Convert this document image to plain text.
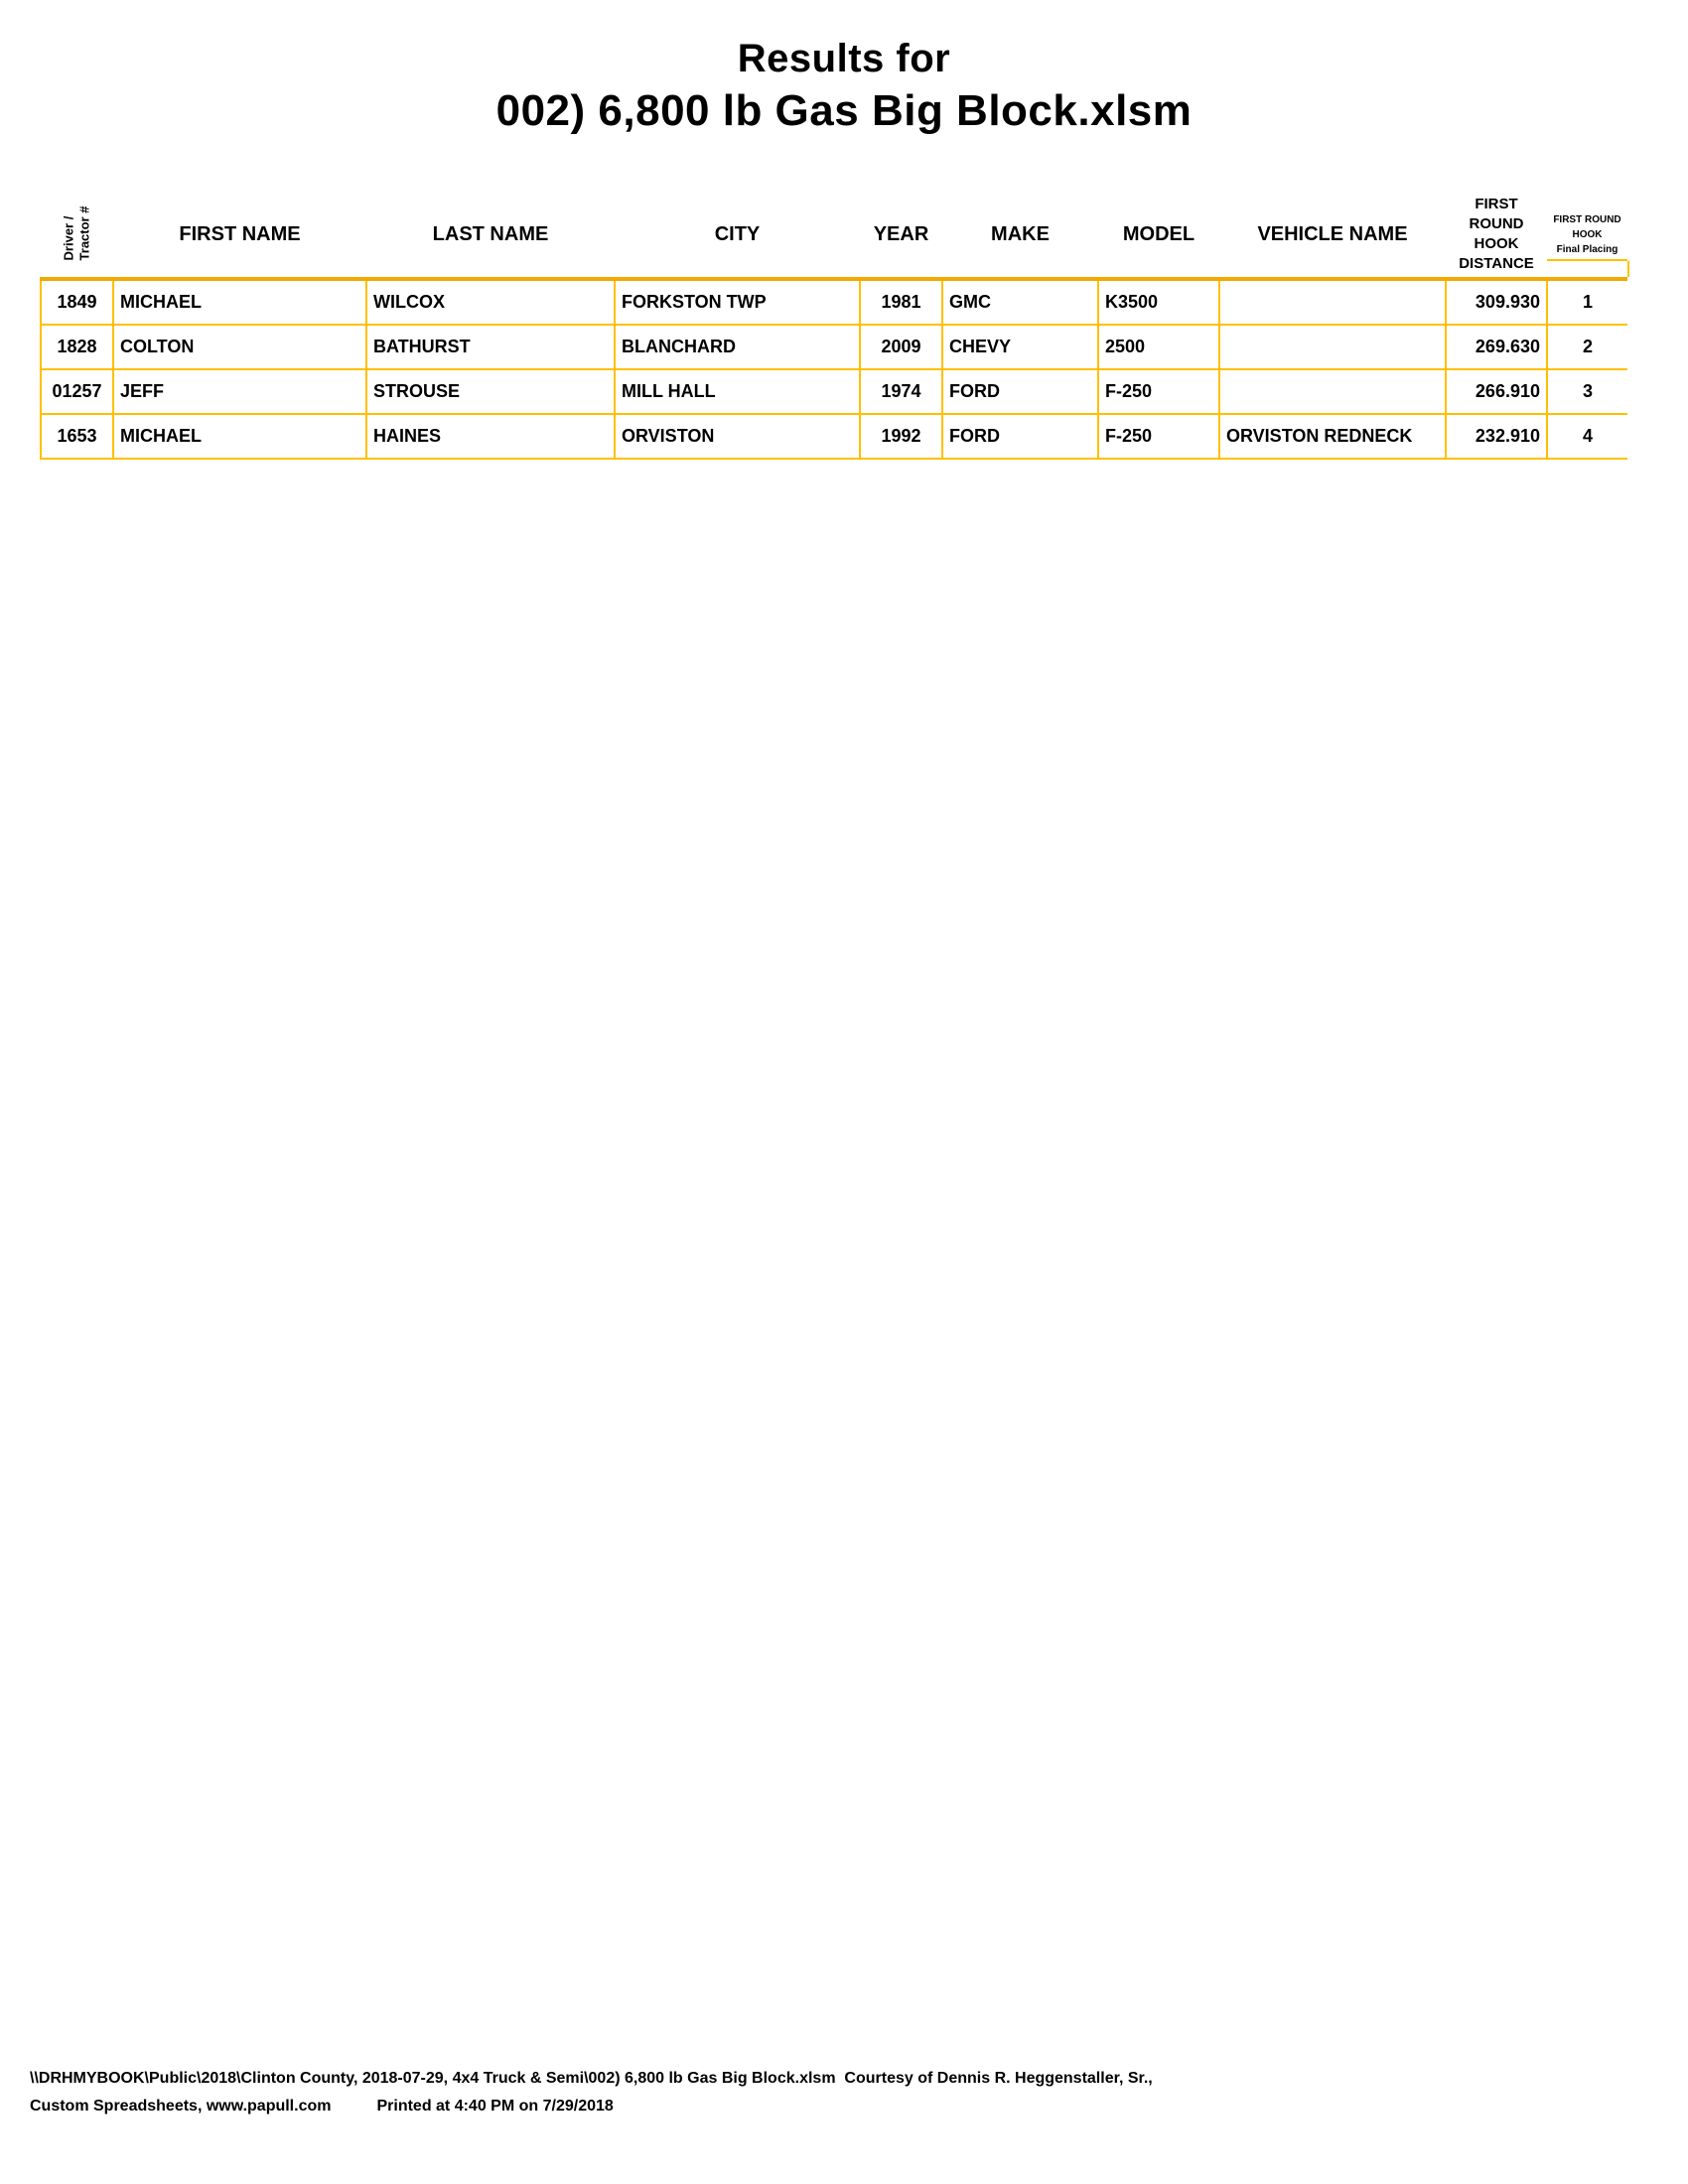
Results for
002) 6,800 lb Gas Big Block.xlsm
Driver / Tractor #	FIRST NAME	LAST NAME	CITY	YEAR	MAKE	MODEL	VEHICLE NAME	FIRST
ROUND
HOOK
DISTANCE	FIRST ROUND
HOOK
Final Placing

1849	MICHAEL	WILCOX	FORKSTON TWP	1981	GMC	K3500		309.930	1
1828	COLTON	BATHURST	BLANCHARD	2009	CHEVY	2500		269.630	2
01257	JEFF	STROUSE	MILL HALL	1974	FORD	F-250		266.910	3
1653	MICHAEL	HAINES	ORVISTON	1992	FORD	F-250	ORVISTON REDNECK	232.910	4
\\DRHMYBOOK\Public\2018\Clinton County, 2018-07-29, 4x4 Truck & Semi\002) 6,800 lb Gas Big Block.xlsm  Courtesy of Dennis R. Heggenstaller, Sr.,
Custom Spreadsheets, www.papull.com	Printed at 4:40 PM on 7/29/2018
